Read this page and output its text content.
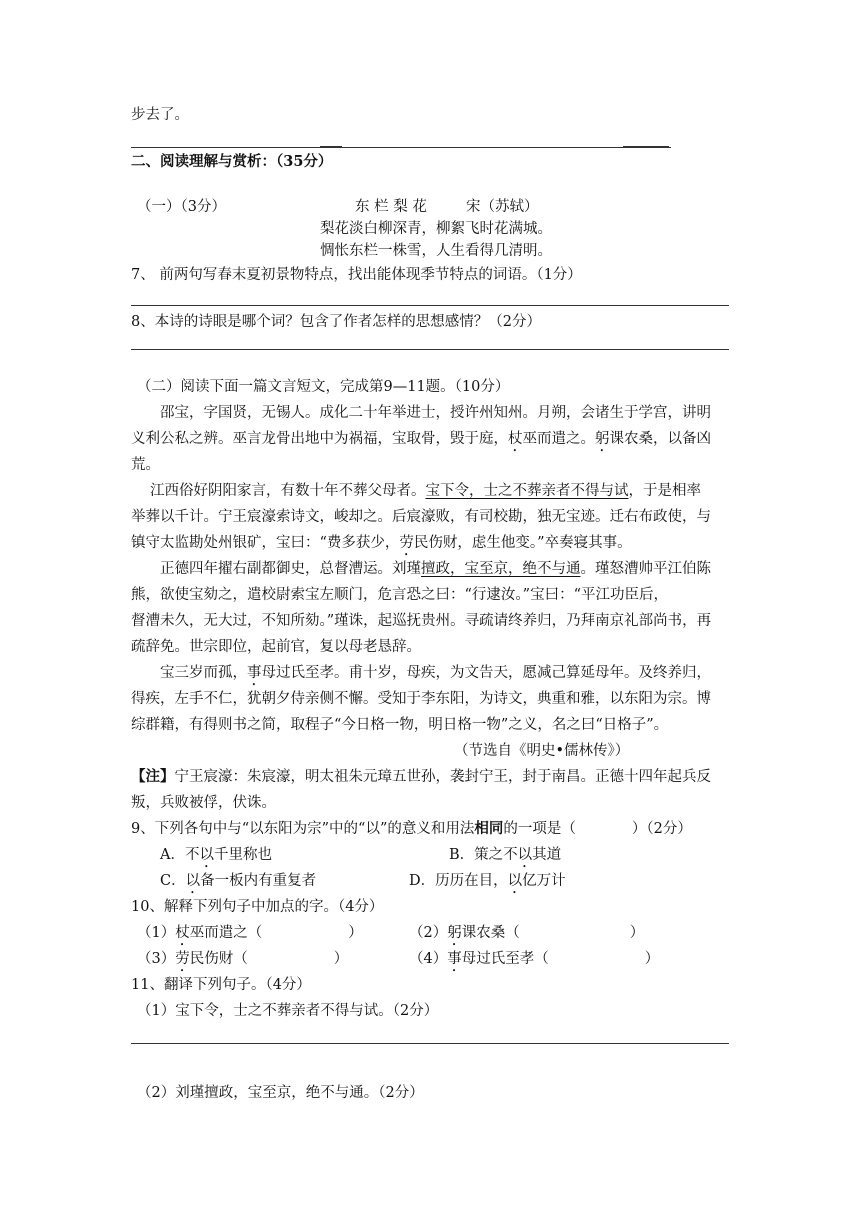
步去了。
二、阅读理解与赏析：（35分）
（一）（3分）	东 栏 梨 花	宋（苏轼）
梨花淡白柳深青，柳絮飞时花满城。
惆怅东栏一株雪，人生看得几清明。
7、 前两句写春末夏初景物特点，找出能体现季节特点的词语。（1分）
8、本诗的诗眼是哪个词？包含了作者怎样的思想感情？（2分）
（二）阅读下面一篇文言短文，完成第9—11题。（10分）
邵宝，字国贤，无锡人。成化二十年举进士，授许州知州。月朔，会诸生于学宫，讲明
义利公私之辨。巫言龙骨出地中为祸福，宝取骨，毁于庭，杖巫而遣之。躬课农桑，以备凶
荒。
江西俗好阴阳家言，有数十年不葬父母者。宝下令，士之不葬亲者不得与试，于是相率
举葬以千计。宁王宸濠索诗文，峻却之。后宸濠败，有司校勘，独无宝迹。迁右布政使，与
镇守太监勘处州银矿，宝曰：“费多获少，劳民伤财，虑生他变。”卒奏寝其事。
正德四年擢右副都御史，总督漕运。刘瑾擅政，宝至京，绝不与通。瑾怒漕帅平江伯陈
熊，欲使宝劾之，遣校尉索宝左顺门，危言恐之曰：“行逮汝。”宝曰：“平江功臣后，
督漕未久，无大过，不知所劾。”瑾诛，起巡抚贵州。寻疏请终养归，乃拜南京礼部尚书，再
疏辞免。世宗即位，起前官，复以母老恳辞。
宝三岁而孤，事母过氏至孝。甫十岁，母疾，为文告天，愿减己算延母年。及终养归，
得疾，左手不仁，犹朝夕侍亲侧不懈。受知于李东阳，为诗文，典重和雅，以东阳为宗。博
综群籍，有得则书之简，取程子“今日格一物，明日格一物”之义，名之曰“日格子”。
（节选自《明史•儒林传》）
【注】宁王宸濠：朱宸濠，明太祖朱元璋五世孙，袭封宁王，封于南昌。正德十四年起兵反
叛，兵败被俘，伏诛。
9、下列各句中与“以东阳为宗”中的“以”的意义和用法相同的一项是（	）（2分）
A．不以千里称也	B．策之不以其道
C．以备一板内有重复者	D．历历在目，以亿万计
10、解释下列句子中加点的字。（4分）
（1）杖巫而遣之（	）	（2）躬课农桑（	）
（3）劳民伤财（	）	（4）事母过氏至孝（	）
11、翻译下列句子。（4分）
（1）宝下令，士之不葬亲者不得与试。（2分）
（2）刘瑾擅政，宝至京，绝不与通。（2分）
